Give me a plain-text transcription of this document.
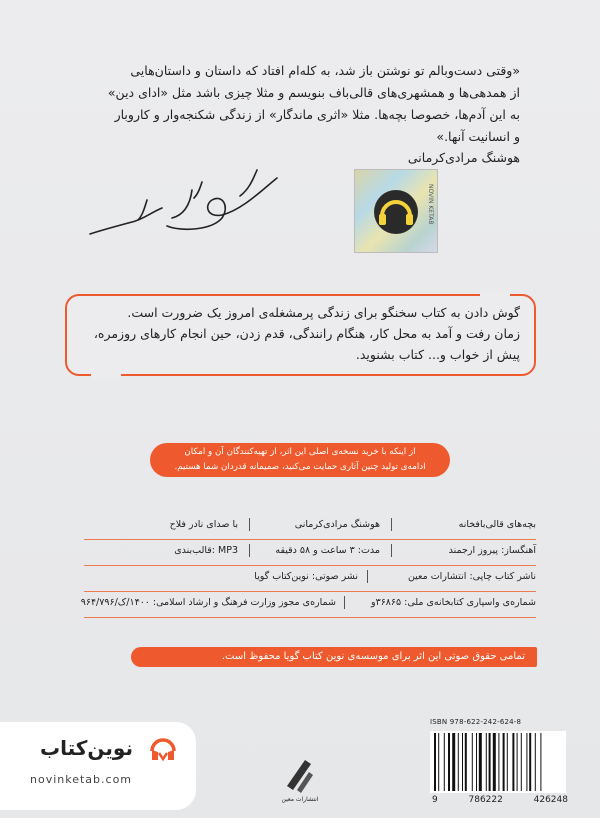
«وقتی دست‌وبالم تو نوشتن باز شد، به کله‌ام افتاد که داستان و داستان‌هایی

از همدهی‌ها و همشهری‌های قالی‌باف بنویسم و مثلا چیزی باشد مثل «ادای دین»

به این آدم‌ها، خصوصا بچه‌ها. مثلا «اثری ماندگار» از زندگی شکنجه‌وار و کاروبار

و انسانیت آنها.»

هوشنگ مرادی‌کرمانی
NOVIN KETAB

گوش دادن به کتاب سخنگو برای زندگی پرمشغله‌ی امروز یک ضرورت است.

زمان رفت و آمد به محل کار، هنگام رانندگی، قدم زدن، حین انجام کارهای روزمره،

پیش از خواب و... کتاب بشنوید.

از اینکه با خرید نسخه‌ی اصلی این اثر، از تهیه‌کنندگان آن و امکان

ادامه‌ی تولید چنین آثاری حمایت می‌کنید، صمیمانه قدردان شما هستیم.

بچه‌های قالی‌بافخانه
هوشنگ مرادی‌کرمانی
با صدای نادر فلاح
آهنگساز: پیروز ارجمند
مدت: ۳ ساعت و ۵۸ دقیقه
قالب‌بندی: MP3
ناشر کتاب چاپی: انتشارات معین
نشر صوتی: نوین‌کتاب گویا
شماره‌ی واسپاری کتابخانه‌ی ملی: ۳۶۸۶۵و
شماره‌ی مجوز وزارت فرهنگ و ارشاد اسلامی: ۱۴۰۰/ک/۹۶۴/۷۹۶
تمامی حقوق صوتی این اثر برای موسسه‌ی نوین کتاب گویا محفوظ است.
ISBN 978-622-242-624-8
9	786222	426248
انتشارات معین
نوین‌کتاب
novinketab.com
